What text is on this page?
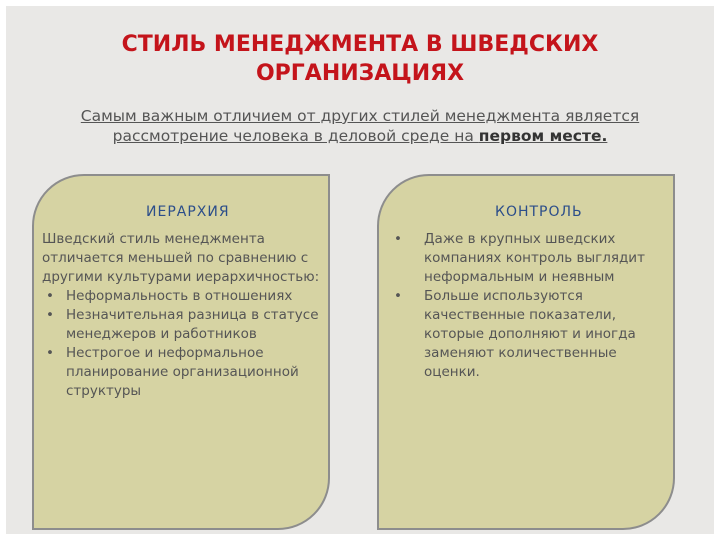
СТИЛЬ МЕНЕДЖМЕНТА В ШВЕДСКИХ
ОРГАНИЗАЦИЯХ
Самым важным отличием от других стилей менеджмента является рассмотрение человека в деловой среде на первом месте.
ИЕРАРХИЯ

Шведский стиль менеджмента отличается меньшей по сравнению с другими культурами иерархичностью:

• Неформальность в отношениях
• Незначительная разница в статусе менеджеров и работников
• Нестрогое и неформальное планирование организационной структуры
КОНТРОЛЬ
• Даже в крупных шведских компаниях контроль выглядит неформальным и неявным
• Больше используются качественные показатели, которые дополняют и иногда заменяют количественные оценки.
